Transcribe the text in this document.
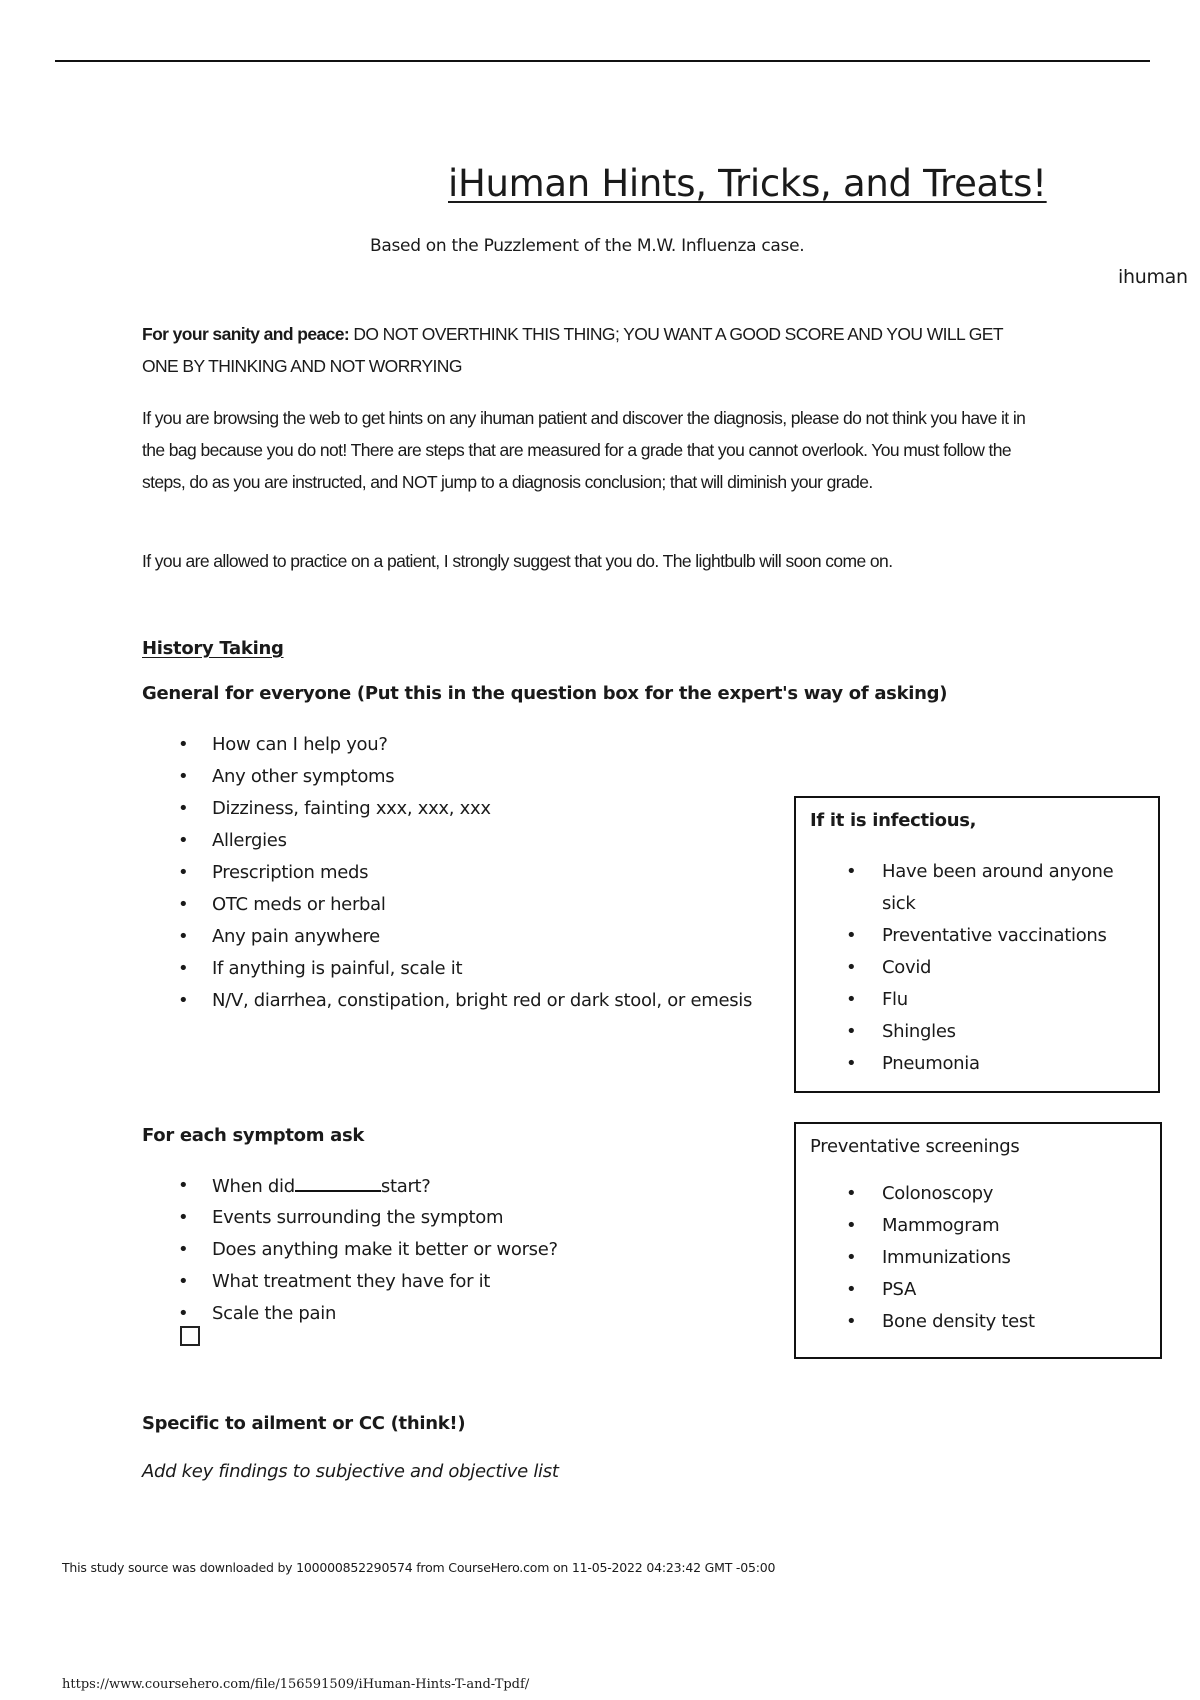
iHuman Hints, Tricks, and Treats!
Based on the Puzzlement of the M.W. Influenza case.
ihuman

For your sanity and peace: DO NOT OVERTHINK THIS THING; YOU WANT A GOOD SCORE AND YOU WILL GET ONE BY THINKING AND NOT WORRYING

If you are browsing the web to get hints on any ihuman patient and discover the diagnosis, please do not think you have it in the bag because you do not! There are steps that are measured for a grade that you cannot overlook. You must follow the steps, do as you are instructed, and NOT jump to a diagnosis conclusion; that will diminish your grade.

If you are allowed to practice on a patient, I strongly suggest that you do. The lightbulb will soon come on.

History Taking
General for everyone (Put this in the question box for the expert's way of asking)
• How can I help you?
• Any other symptoms
• Dizziness, fainting xxx, xxx, xxx
• Allergies
• Prescription meds
• OTC meds or herbal
• Any pain anywhere
• If anything is painful, scale it
• N/V, diarrhea, constipation, bright red or dark stool, or emesis
If it is infectious,
• Have been around anyone sick
• Preventative vaccinations
• Covid
• Flu
• Shingles
• Pneumonia
For each symptom ask
• When did	start?
• Events surrounding the symptom
• Does anything make it better or worse?
• What treatment they have for it
• Scale the pain
Preventative screenings
• Colonoscopy
• Mammogram
• Immunizations
• PSA
• Bone density test
Specific to ailment or CC (think!)
Add key findings to subjective and objective list
This study source was downloaded by 100000852290574 from CourseHero.com on 11-05-2022 04:23:42 GMT -05:00
https://www.coursehero.com/file/156591509/iHuman-Hints-T-and-Tpdf/
